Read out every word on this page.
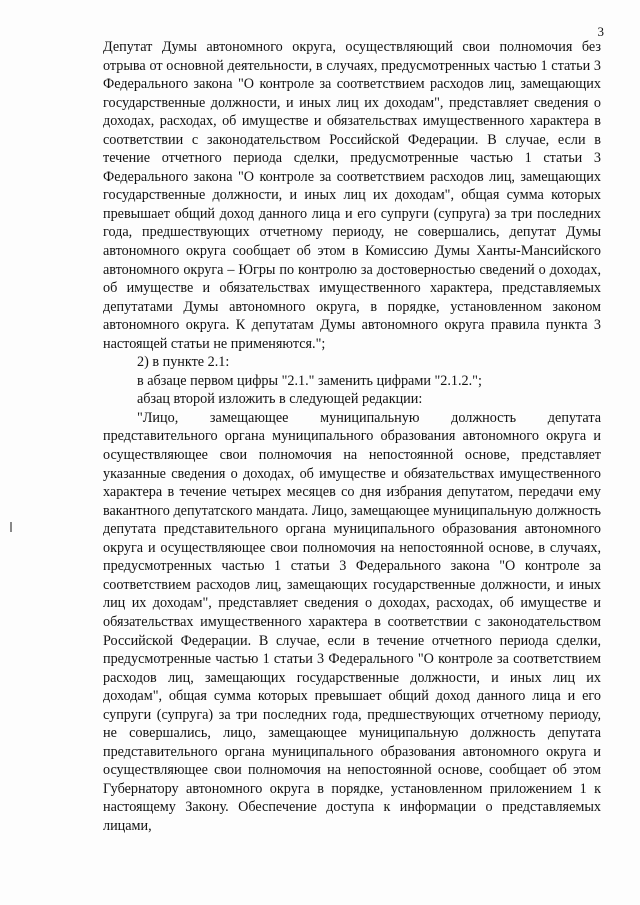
3

Депутат Думы автономного округа, осуществляющий свои полномочия без отрыва от основной деятельности, в случаях, предусмотренных частью 1 статьи 3 Федерального закона "О контроле за соответствием расходов лиц, замещающих государственные должности, и иных лиц их доходам", представляет сведения о доходах, расходах, об имуществе и обязательствах имущественного характера в соответствии с законодательством Российской Федерации. В случае, если в течение отчетного периода сделки, предусмотренные частью 1 статьи 3 Федерального закона "О контроле за соответствием расходов лиц, замещающих государственные должности, и иных лиц их доходам", общая сумма которых превышает общий доход данного лица и его супруги (супруга) за три последних года, предшествующих отчетному периоду, не совершались, депутат Думы автономного округа сообщает об этом в Комиссию Думы Ханты-Мансийского автономного округа – Югры по контролю за достоверностью сведений о доходах, об имуществе и обязательствах имущественного характера, представляемых депутатами Думы автономного округа, в порядке, установленном законом автономного округа. К депутатам Думы автономного округа правила пункта 3 настоящей статьи не применяются.";

2) в пункте 2.1:

в абзаце первом цифры "2.1." заменить цифрами "2.1.2.";

абзац второй изложить в следующей редакции:

"Лицо, замещающее муниципальную должность депутата представительного органа муниципального образования автономного округа и осуществляющее свои полномочия на непостоянной основе, представляет указанные сведения о доходах, об имуществе и обязательствах имущественного характера в течение четырех месяцев со дня избрания депутатом, передачи ему вакантного депутатского мандата. Лицо, замещающее муниципальную должность депутата представительного органа муниципального образования автономного округа и осуществляющее свои полномочия на непостоянной основе, в случаях, предусмотренных частью 1 статьи 3 Федерального закона "О контроле за соответствием расходов лиц, замещающих государственные должности, и иных лиц их доходам", представляет сведения о доходах, расходах, об имуществе и обязательствах имущественного характера в соответствии с законодательством Российской Федерации. В случае, если в течение отчетного периода сделки, предусмотренные частью 1 статьи 3 Федерального "О контроле за соответствием расходов лиц, замещающих государственные должности, и иных лиц их доходам", общая сумма которых превышает общий доход данного лица и его супруги (супруга) за три последних года, предшествующих отчетному периоду, не совершались, лицо, замещающее муниципальную должность депутата представительного органа муниципального образования автономного округа и осуществляющее свои полномочия на непостоянной основе, сообщает об этом Губернатору автономного округа в порядке, установленном приложением 1 к настоящему Закону. Обеспечение доступа к информации о представляемых лицами,
